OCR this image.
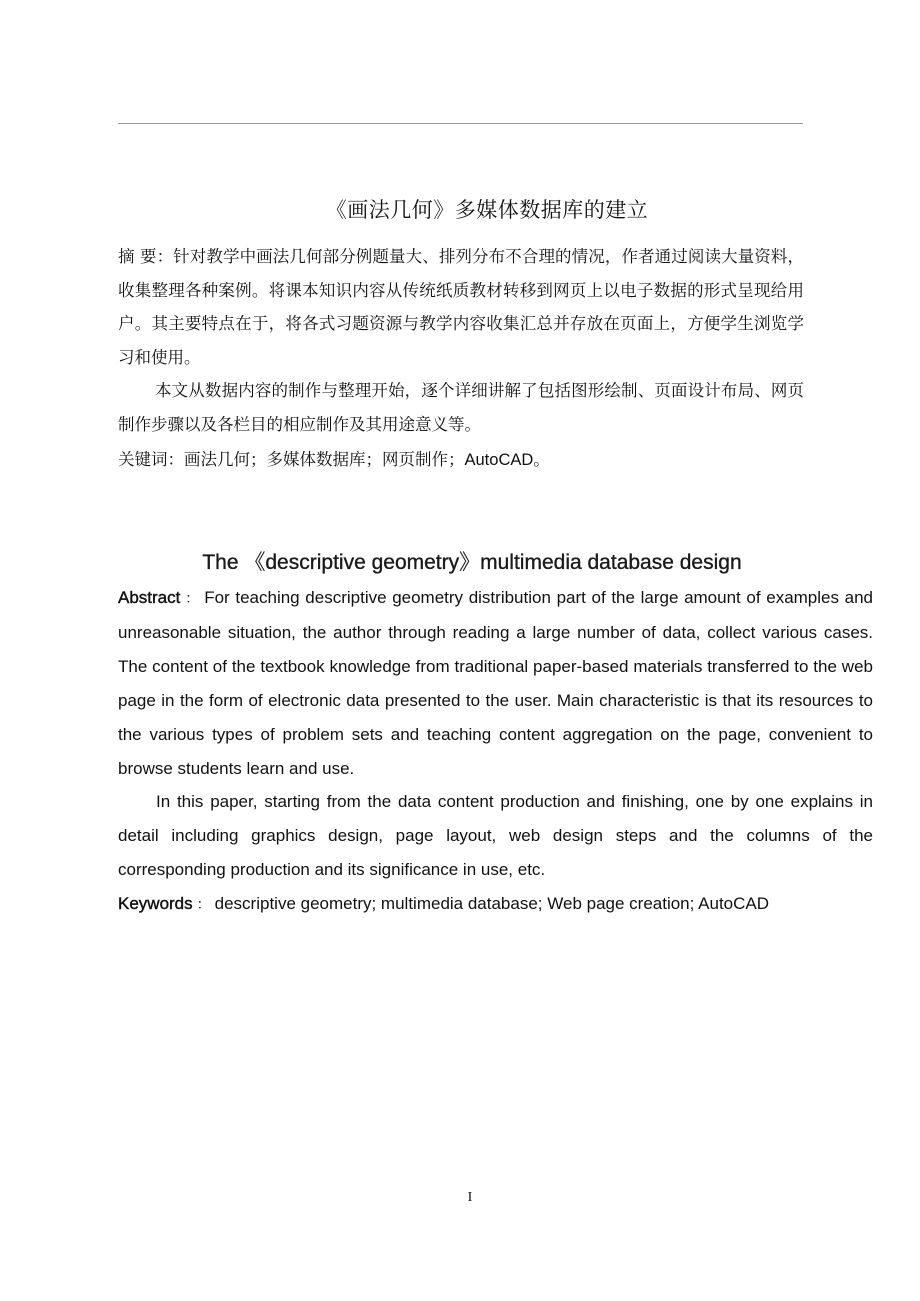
《画法几何》多媒体数据库的建立
摘 要：针对教学中画法几何部分例题量大、排列分布不合理的情况，作者通过阅读大量资料，收集整理各种案例。将课本知识内容从传统纸质教材转移到网页上以电子数据的形式呈现给用户。其主要特点在于，将各式习题资源与教学内容收集汇总并存放在页面上，方便学生浏览学习和使用。
本文从数据内容的制作与整理开始，逐个详细讲解了包括图形绘制、页面设计布局、网页制作步骤以及各栏目的相应制作及其用途意义等。
关键词：画法几何；多媒体数据库；网页制作；AutoCAD。
The 《descriptive geometry》multimedia database design
Abstract ： For teaching descriptive geometry distribution part of the large amount of examples and unreasonable situation, the author through reading a large number of data, collect various cases. The content of the textbook knowledge from traditional paper-based materials transferred to the web page in the form of electronic data presented to the user. Main characteristic is that its resources to the various types of problem sets and teaching content aggregation on the page, convenient to browse students learn and use.
In this paper, starting from the data content production and finishing, one by one explains in detail including graphics design, page layout, web design steps and the columns of the corresponding production and its significance in use, etc.
Keywords ： descriptive geometry; multimedia database; Web page creation; AutoCAD
I
